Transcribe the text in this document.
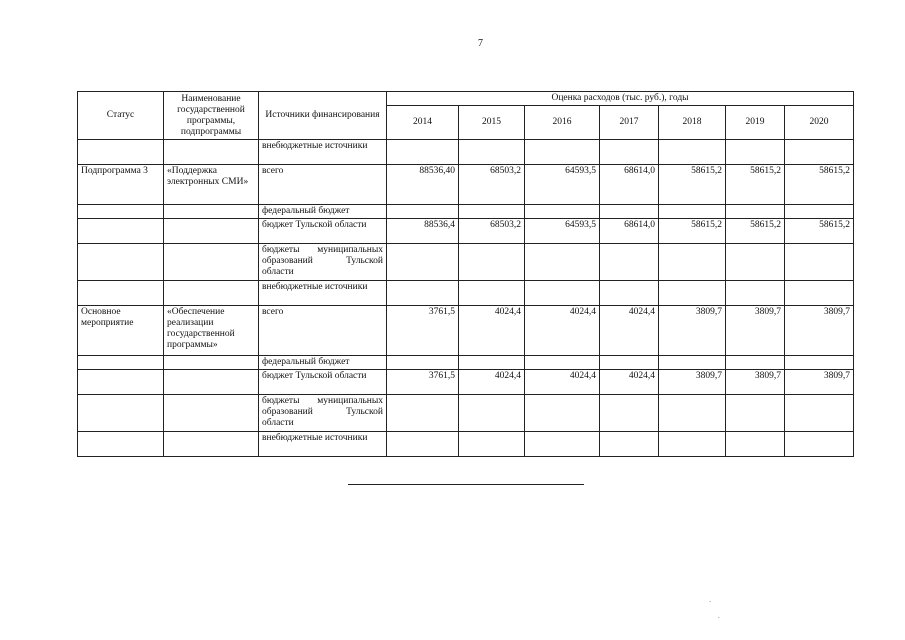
7
Статус	Наименование государственной программы, подпрограммы	Источники финансирования	Оценка расходов (тыс. руб.), годы						
			2014	2015	2016	2017	2018	2019	2020
		внебюджетные источники							
Подпрограмма 3	«Поддержка электронных СМИ»	всего	88536,40	68503,2	64593,5	68614,0	58615,2	58615,2	58615,2
		федеральный бюджет							
		бюджет Тульской области	88536,4	68503,2	64593,5	68614,0	58615,2	58615,2	58615,2
		бюджеты муниципальных образований Тульской области							
		внебюджетные источники							
Основное мероприятие	«Обеспечение реализации государственной программы»	всего	3761,5	4024,4	4024,4	4024,4	3809,7	3809,7	3809,7
		федеральный бюджет							
		бюджет Тульской области	3761,5	4024,4	4024,4	4024,4	3809,7	3809,7	3809,7
		бюджеты муниципальных образований Тульской области							
		внебюджетные источники							
`
.
